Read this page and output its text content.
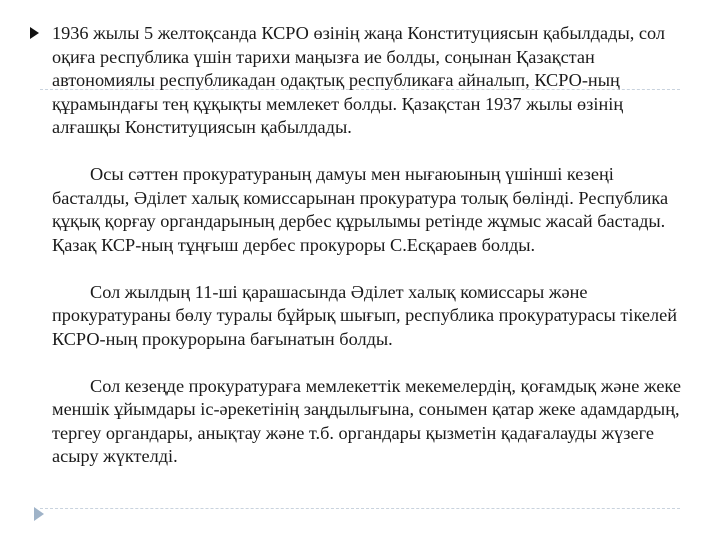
1936 жылы 5 желтоқсанда КСРО өзінің жаңа Конституциясын қабылдады, сол оқиға республика үшін тарихи маңызға ие болды, соңынан Қазақстан автономиялы республикадан одақтық республикаға айналып, КСРО-ның құрамындағы тең құқықты мемлекет болды. Қазақстан 1937 жылы өзінің алғашқы Конституциясын қабылдады.

Осы сәттен прокуратураның дамуы мен нығаюының үшінші кезеңі басталды, Әділет халық комиссарынан прокуратура толық бөлінді. Республика құқық қорғау органдарының дербес құрылымы ретінде жұмыс жасай бастады. Қазақ КСР-ның тұңғыш дербес прокуроры С.Есқараев болды.

Сол жылдың 11-ші қарашасында Әділет халық комиссары және прокуратураны бөлу туралы бұйрық шығып, республика прокуратурасы тікелей КСРО-ның прокурорына бағынатын болды.

Сол кезеңде прокуратураға мемлекеттік мекемелердің, қоғамдық және жеке меншік ұйымдары іс-әрекетінің заңдылығына, сонымен қатар жеке адамдардың, тергеу органдары, анықтау және т.б. органдары қызметін қадағалауды жүзеге асыру жүктелді.
